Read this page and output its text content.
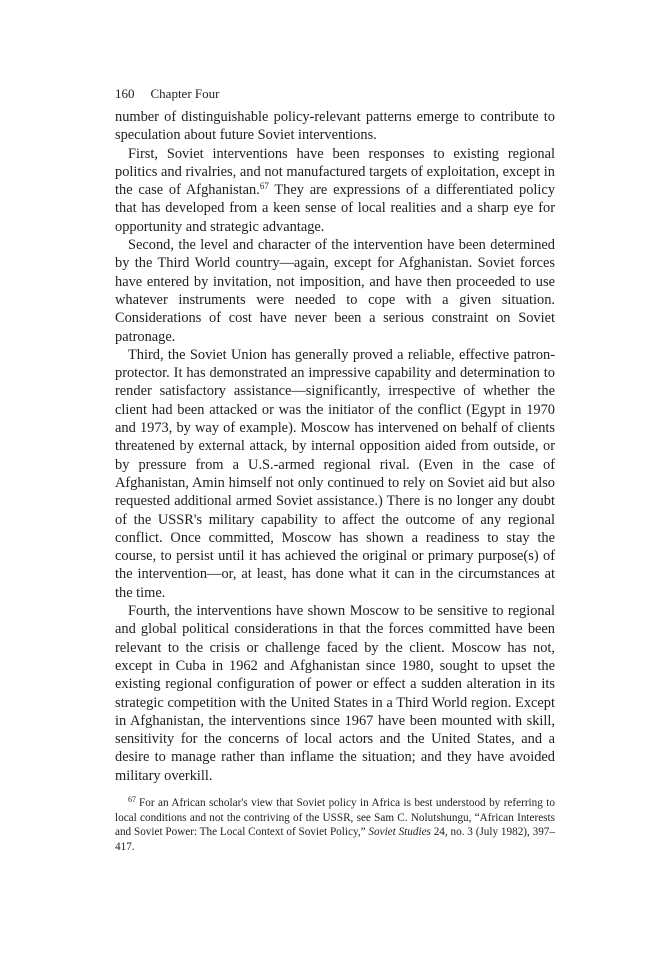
160 Chapter Four

number of distinguishable policy-relevant patterns emerge to contribute to speculation about future Soviet interventions.

First, Soviet interventions have been responses to existing regional politics and rivalries, and not manufactured targets of exploitation, except in the case of Afghanistan.$^{67}$ They are expressions of a differentiated policy that has developed from a keen sense of local realities and a sharp eye for opportunity and strategic advantage.

Second, the level and character of the intervention have been determined by the Third World country—again, except for Afghanistan. Soviet forces have entered by invitation, not imposition, and have then proceeded to use whatever instruments were needed to cope with a given situation. Considerations of cost have never been a serious constraint on Soviet patronage.

Third, the Soviet Union has generally proved a reliable, effective patron-protector. It has demonstrated an impressive capability and determination to render satisfactory assistance—significantly, irrespective of whether the client had been attacked or was the initiator of the conflict (Egypt in 1970 and 1973, by way of example). Moscow has intervened on behalf of clients threatened by external attack, by internal opposition aided from outside, or by pressure from a U.S.-armed regional rival. (Even in the case of Afghanistan, Amin himself not only continued to rely on Soviet aid but also requested additional armed Soviet assistance.) There is no longer any doubt of the USSR's military capability to affect the outcome of any regional conflict. Once committed, Moscow has shown a readiness to stay the course, to persist until it has achieved the original or primary purpose(s) of the intervention—or, at least, has done what it can in the circumstances at the time.

Fourth, the interventions have shown Moscow to be sensitive to regional and global political considerations in that the forces committed have been relevant to the crisis or challenge faced by the client. Moscow has not, except in Cuba in 1962 and Afghanistan since 1980, sought to upset the existing regional configuration of power or effect a sudden alteration in its strategic competition with the United States in a Third World region. Except in Afghanistan, the interventions since 1967 have been mounted with skill, sensitivity for the concerns of local actors and the United States, and a desire to manage rather than inflame the situation; and they have avoided military overkill.

$^{67}$ For an African scholar's view that Soviet policy in Africa is best understood by referring to local conditions and not the contriving of the USSR, see Sam C. Nolutshungu, “African Interests and Soviet Power: The Local Context of Soviet Policy,” Soviet Studies 24, no. 3 (July 1982), 397–417.
